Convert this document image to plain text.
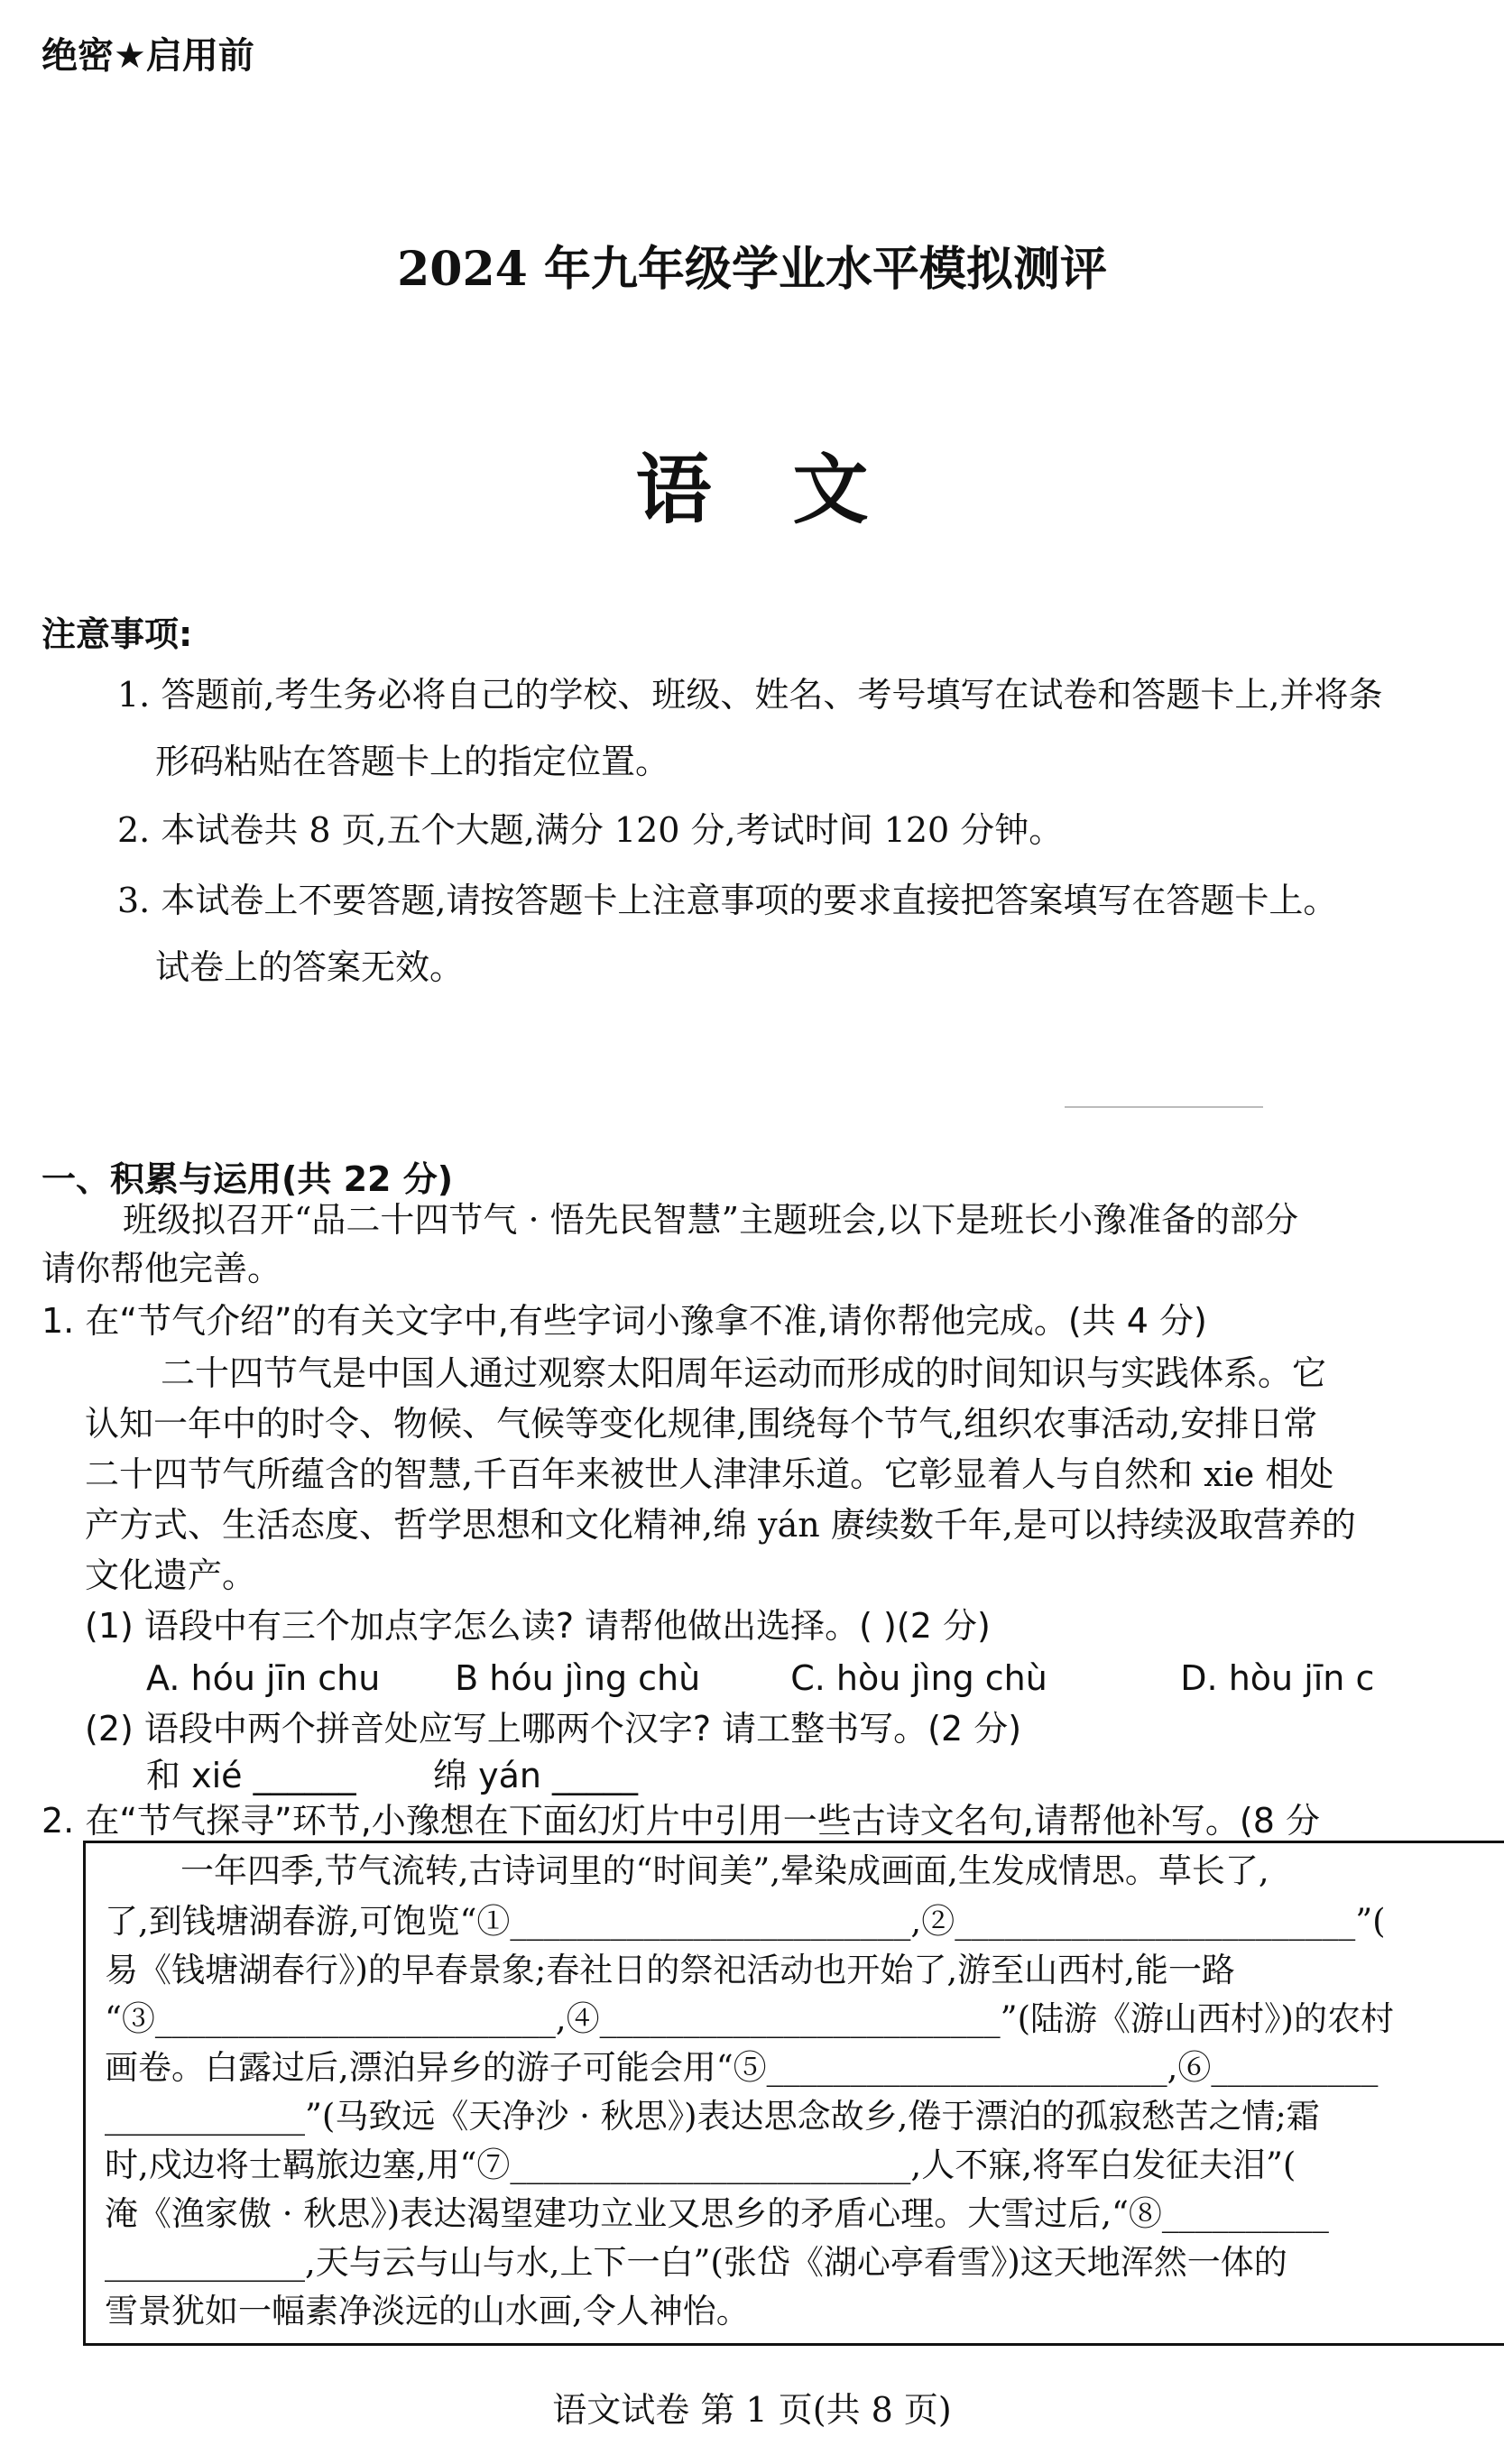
绝密★启用前
2024 年九年级学业水平模拟测评
语文
注意事项:
1. 答题前,考生务必将自己的学校、班级、姓名、考号填写在试卷和答题卡上,并将条
形码粘贴在答题卡上的指定位置。
2. 本试卷共 8 页,五个大题,满分 120 分,考试时间 120 分钟。
3. 本试卷上不要答题,请按答题卡上注意事项的要求直接把答案填写在答题卡上。
试卷上的答案无效。
一、积累与运用(共 22 分)
班级拟召开“品二十四节气 · 悟先民智慧”主题班会,以下是班长小豫准备的部分
请你帮他完善。
1. 在“节气介绍”的有关文字中,有些字词小豫拿不准,请你帮他完成。(共 4 分)
二十四节气是中国人通过观察太阳周年运动而形成的时间知识与实践体系。它
认知一年中的时令、物候、气候等变化规律,围绕每个节气,组织农事活动,安排日常
二十四节气所蕴含的智慧,千百年来被世人津津乐道。它彰显着人与自然和 xie 相处
产方式、生活态度、哲学思想和文化精神,绵 yán 赓续数千年,是可以持续汲取营养的
文化遗产。
(1) 语段中有三个加点字怎么读? 请帮他做出选择。( )(2 分)
A. hóu jīn chu B hóu jìng chù	C. hòu jìng chù	D. hòu jīn c
(2) 语段中两个拼音处应写上哪两个汉字? 请工整书写。(2 分)
和 xié ______ 绵 yán _____
2. 在“节气探寻”环节,小豫想在下面幻灯片中引用一些古诗文名句,请帮他补写。(8 分
一年四季,节气流转,古诗词里的“时间美”,晕染成画面,生发成情思。草长了,
了,到钱塘湖春游,可饱览“①________________________,②________________________”(
易《钱塘湖春行》)的早春景象;春社日的祭祀活动也开始了,游至山西村,能一路
“③________________________,④________________________”(陆游《游山西村》)的农村
画卷。白露过后,漂泊异乡的游子可能会用“⑤________________________,⑥__________
____________”(马致远《天净沙 · 秋思》)表达思念故乡,倦于漂泊的孤寂愁苦之情;霜
时,戍边将士羁旅边塞,用“⑦________________________,人不寐,将军白发征夫泪”(
淹《渔家傲 · 秋思》)表达渴望建功立业又思乡的矛盾心理。大雪过后,“⑧__________
____________,天与云与山与水,上下一白”(张岱《湖心亭看雪》)这天地浑然一体的
雪景犹如一幅素净淡远的山水画,令人神怡。
语文试卷 第 1 页(共 8 页)
